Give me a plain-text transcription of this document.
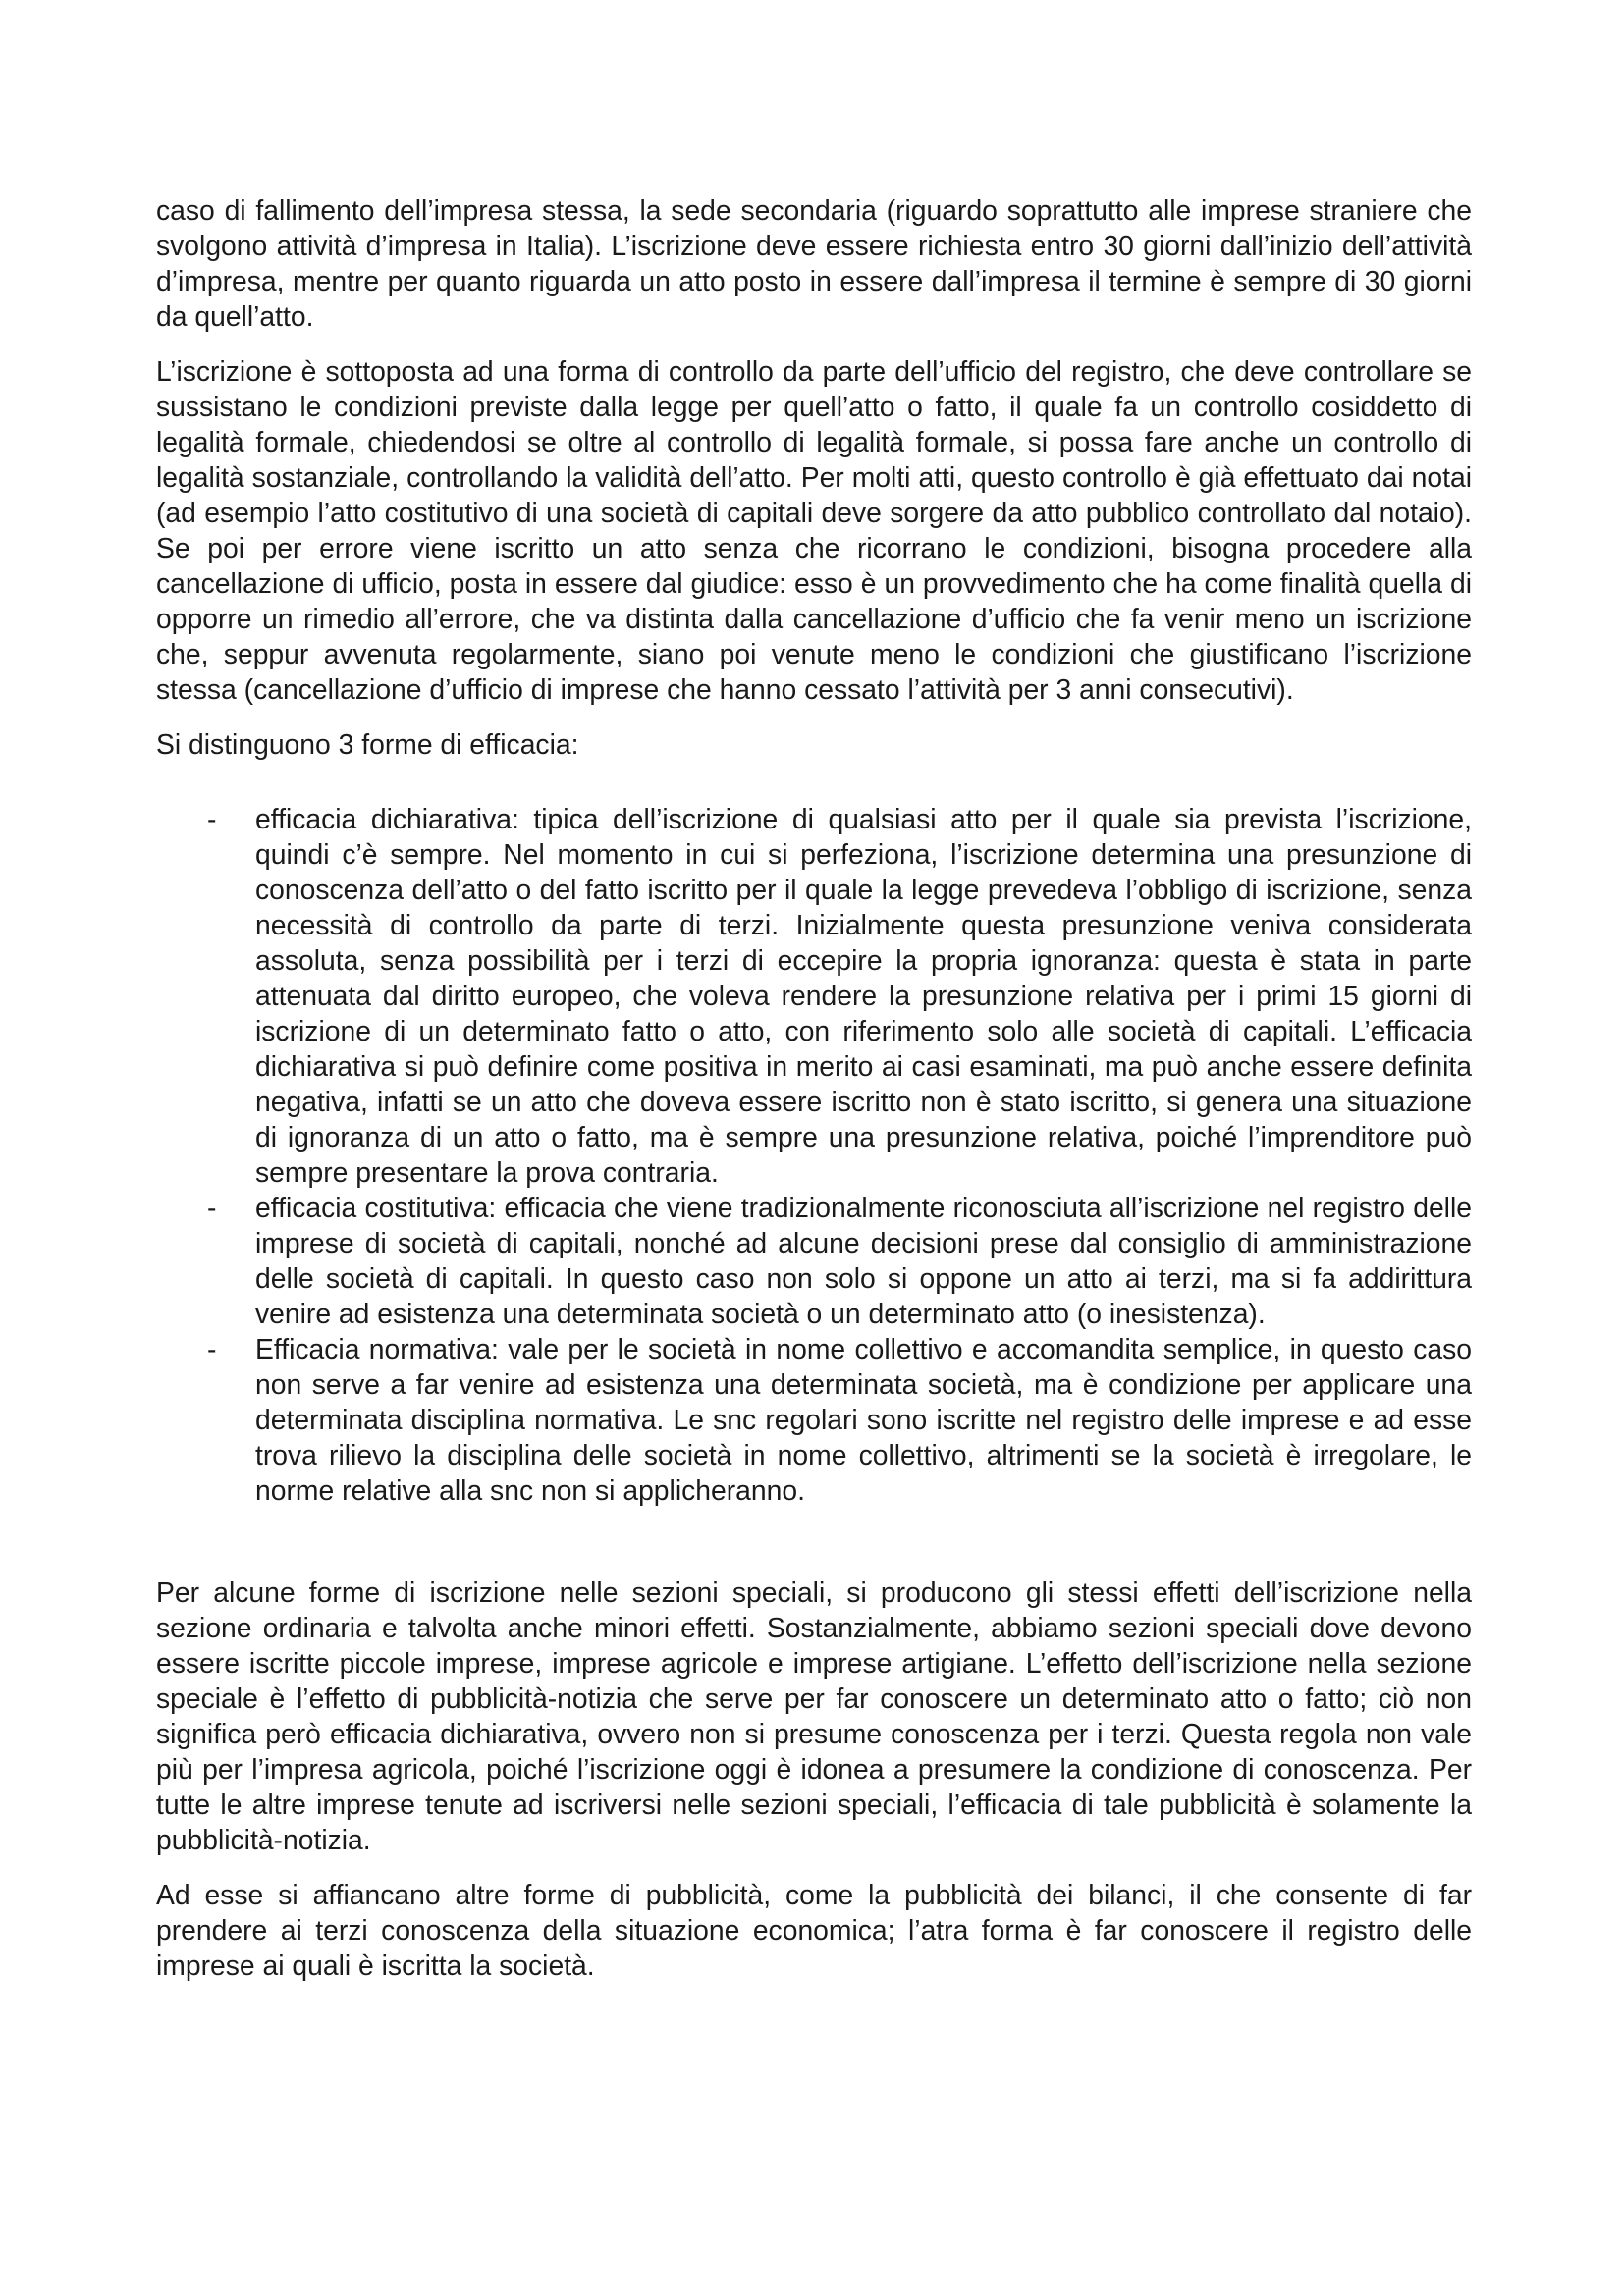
caso di fallimento dell’impresa stessa, la sede secondaria (riguardo soprattutto alle imprese straniere che svolgono attività d’impresa in Italia). L’iscrizione deve essere richiesta entro 30 giorni dall’inizio dell’attività d’impresa, mentre per quanto riguarda un atto posto in essere dall’impresa il termine è sempre di 30 giorni da quell’atto.

L’iscrizione è sottoposta ad una forma di controllo da parte dell’ufficio del registro, che deve controllare se sussistano le condizioni previste dalla legge per quell’atto o fatto, il quale fa un controllo cosiddetto di legalità formale, chiedendosi se oltre al controllo di legalità formale, si possa fare anche un controllo di legalità sostanziale, controllando la validità dell’atto. Per molti atti, questo controllo è già effettuato dai notai (ad esempio l’atto costitutivo di una società di capitali deve sorgere da atto pubblico controllato dal notaio). Se poi per errore viene iscritto un atto senza che ricorrano le condizioni, bisogna procedere alla cancellazione di ufficio, posta in essere dal giudice: esso è un provvedimento che ha come finalità quella di opporre un rimedio all’errore, che va distinta dalla cancellazione d’ufficio che fa venir meno un iscrizione che, seppur avvenuta regolarmente, siano poi venute meno le condizioni che giustificano l’iscrizione stessa (cancellazione d’ufficio di imprese che hanno cessato l’attività per 3 anni consecutivi).

Si distinguono 3 forme di efficacia:

- efficacia dichiarativa: tipica dell’iscrizione di qualsiasi atto per il quale sia prevista l’iscrizione, quindi c’è sempre. Nel momento in cui si perfeziona, l’iscrizione determina una presunzione di conoscenza dell’atto o del fatto iscritto per il quale la legge prevedeva l’obbligo di iscrizione, senza necessità di controllo da parte di terzi. Inizialmente questa presunzione veniva considerata assoluta, senza possibilità per i terzi di eccepire la propria ignoranza: questa è stata in parte attenuata dal diritto europeo, che voleva rendere la presunzione relativa per i primi 15 giorni di iscrizione di un determinato fatto o atto, con riferimento solo alle società di capitali. L’efficacia dichiarativa si può definire come positiva in merito ai casi esaminati, ma può anche essere definita negativa, infatti se un atto che doveva essere iscritto non è stato iscritto, si genera una situazione di ignoranza di un atto o fatto, ma è sempre una presunzione relativa, poiché l’imprenditore può sempre presentare la prova contraria.
- efficacia costitutiva: efficacia che viene tradizionalmente riconosciuta all’iscrizione nel registro delle imprese di società di capitali, nonché ad alcune decisioni prese dal consiglio di amministrazione delle società di capitali. In questo caso non solo si oppone un atto ai terzi, ma si fa addirittura venire ad esistenza una determinata società o un determinato atto (o inesistenza).
- Efficacia normativa: vale per le società in nome collettivo e accomandita semplice, in questo caso non serve a far venire ad esistenza una determinata società, ma è condizione per applicare una determinata disciplina normativa. Le snc regolari sono iscritte nel registro delle imprese e ad esse trova rilievo la disciplina delle società in nome collettivo, altrimenti se la società è irregolare, le norme relative alla snc non si applicheranno.

Per alcune forme di iscrizione nelle sezioni speciali, si producono gli stessi effetti dell’iscrizione nella sezione ordinaria e talvolta anche minori effetti. Sostanzialmente, abbiamo sezioni speciali dove devono essere iscritte piccole imprese, imprese agricole e imprese artigiane. L’effetto dell’iscrizione nella sezione speciale è l’effetto di pubblicità-notizia che serve per far conoscere un determinato atto o fatto; ciò non significa però efficacia dichiarativa, ovvero non si presume conoscenza per i terzi. Questa regola non vale più per l’impresa agricola, poiché l’iscrizione oggi è idonea a presumere la condizione di conoscenza. Per tutte le altre imprese tenute ad iscriversi nelle sezioni speciali, l’efficacia di tale pubblicità è solamente la pubblicità-notizia.

Ad esse si affiancano altre forme di pubblicità, come la pubblicità dei bilanci, il che consente di far prendere ai terzi conoscenza della situazione economica; l’atra forma è far conoscere il registro delle imprese ai quali è iscritta la società.
